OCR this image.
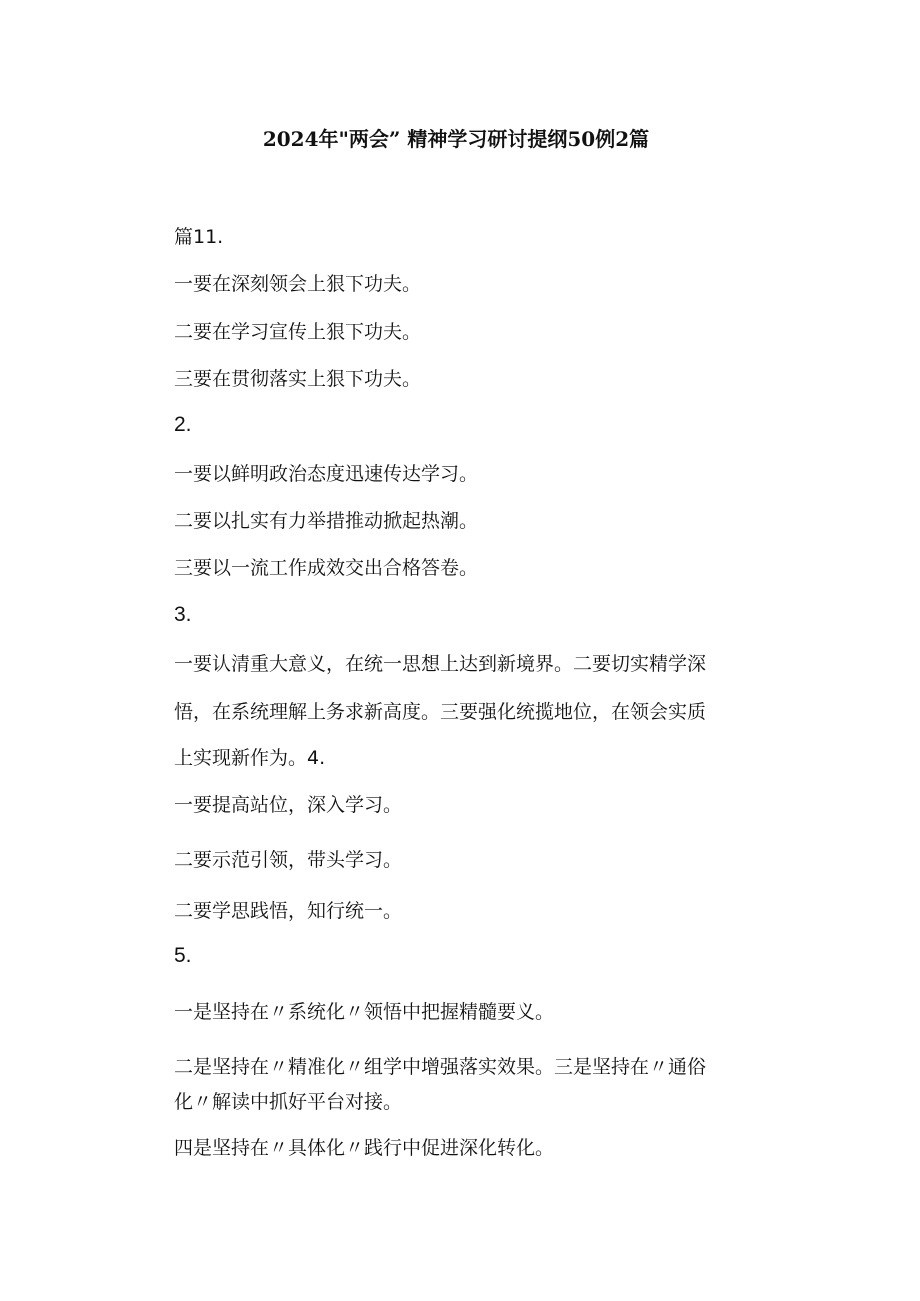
2024年"两会” 精神学习研讨提纲50例2篇
篇11.
一要在深刻领会上狠下功夫。
二要在学习宣传上狠下功夫。
三要在贯彻落实上狠下功夫。
2.
一要以鲜明政治态度迅速传达学习。
二要以扎实有力举措推动掀起热潮。
三要以一流工作成效交出合格答卷。
3.
一要认清重大意义，在统一思想上达到新境界。二要切实精学深
悟，在系统理解上务求新高度。三要强化统揽地位，在领会实质
上实现新作为。4.
一要提高站位，深入学习。
二要示范引领，带头学习。
二要学思践悟，知行统一。
5.
一是坚持在〃系统化〃领悟中把握精髓要义。
二是坚持在〃精准化〃组学中增强落实效果。三是坚持在〃通俗
化〃解读中抓好平台对接。
四是坚持在〃具体化〃践行中促进深化转化。
